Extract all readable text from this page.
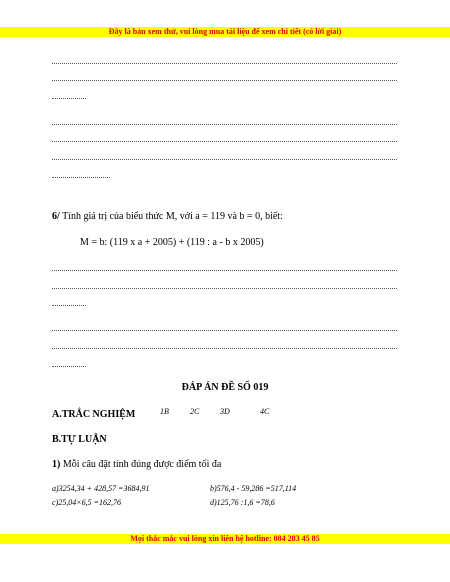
Đây là bản xem thử, vui lòng mua tài liệu để xem chi tiết (có lời giải)
6/ Tính giá trị của biểu thức M, với a = 119 và b = 0, biết:
M = b: (119 x a + 2005) + (119 : a - b x 2005)
ĐÁP ÁN ĐỀ SỐ 019
A.TRẮC NGHIỆM	1B	2C	3D	4C
B.TỰ LUẬN
1) Mỗi câu đặt tính đúng được điểm tối đa
a)3254,34 + 428,57 =3684,91	b)576,4 - 59,286 =517,114
c)25,04×6,5 =162,76	d)125,76 :1,6 =78,6
Mọi thắc mắc vui lòng xin liên hệ hotline: 084 283 45 85
